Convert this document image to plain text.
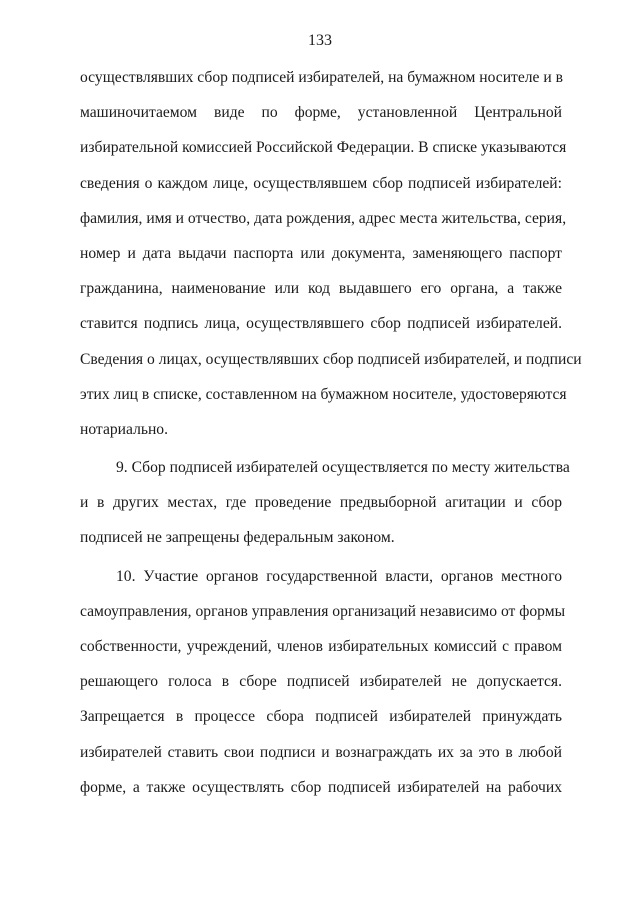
133
осуществлявших сбор подписей избирателей, на бумажном носителе и в
машиночитаемом виде по форме, установленной Центральной
избирательной комиссией Российской Федерации. В списке указываются
сведения о каждом лице, осуществлявшем сбор подписей избирателей:
фамилия, имя и отчество, дата рождения, адрес места жительства, серия,
номер и дата выдачи паспорта или документа, заменяющего паспорт
гражданина, наименование или код выдавшего его органа, а также
ставится подпись лица, осуществлявшего сбор подписей избирателей.
Сведения о лицах, осуществлявших сбор подписей избирателей, и подписи
этих лиц в списке, составленном на бумажном носителе, удостоверяются
нотариально.
9. Сбор подписей избирателей осуществляется по месту жительства
и в других местах, где проведение предвыборной агитации и сбор
подписей не запрещены федеральным законом.
10. Участие органов государственной власти, органов местного
самоуправления, органов управления организаций независимо от формы
собственности, учреждений, членов избирательных комиссий с правом
решающего голоса в сборе подписей избирателей не допускается.
Запрещается в процессе сбора подписей избирателей принуждать
избирателей ставить свои подписи и вознаграждать их за это в любой
форме, а также осуществлять сбор подписей избирателей на рабочих
